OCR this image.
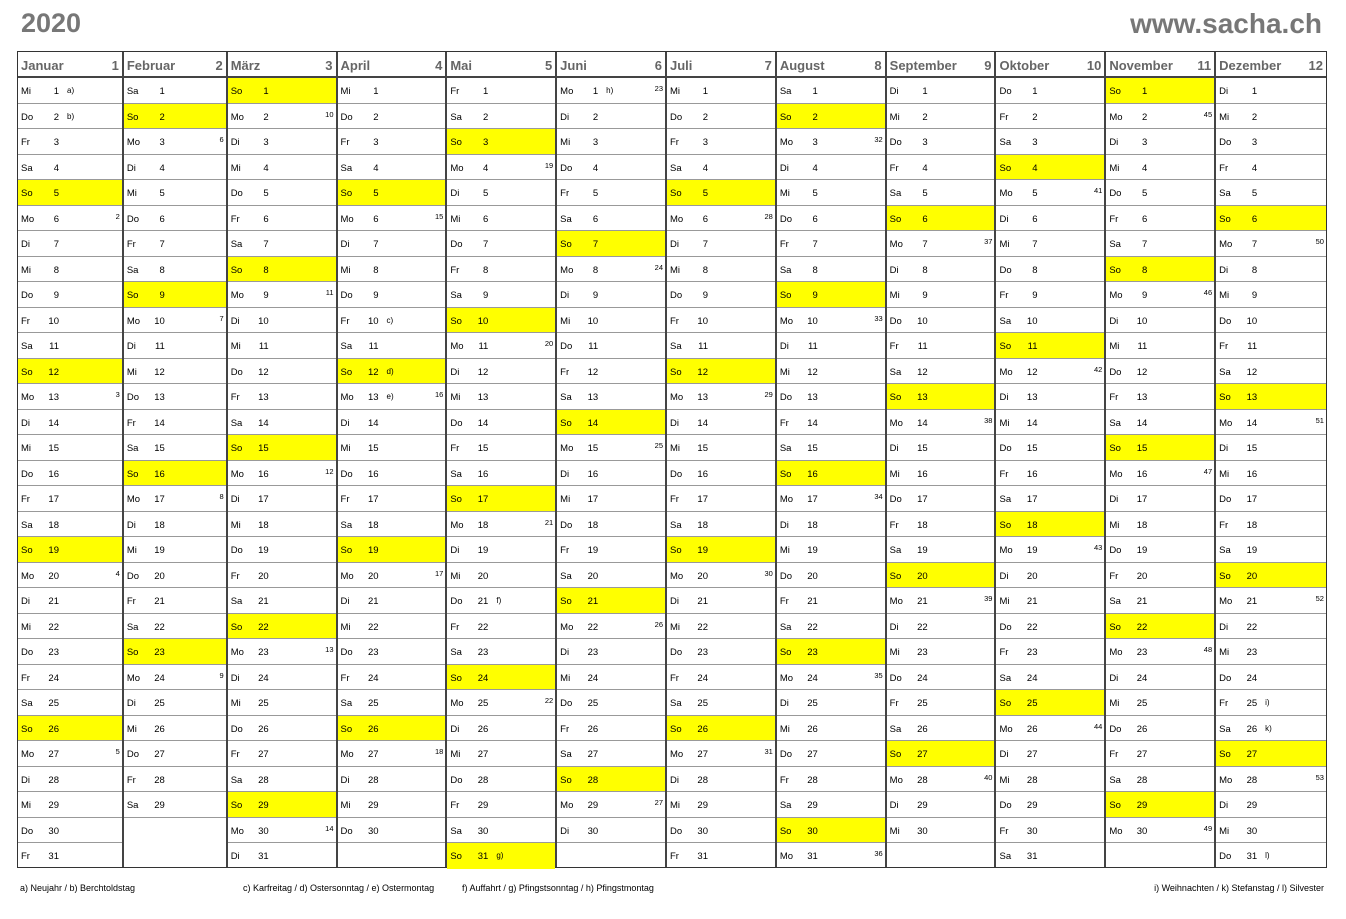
2020	www.sacha.ch
Januar	1
Mi	1 a)
Do	2 b)
Fr	3
Sa	4
So	5
Mo	6	2
Di	7
Mi	8
Do	9
Fr	10
Sa	11
So	12
Mo	13	3
Di	14
Mi	15
Do	16
Fr	17
Sa	18
So	19
Mo	20	4
Di	21
Mi	22
Do	23
Fr	24
Sa	25
So	26
Mo	27	5
Di	28
Mi	29
Do	30
Fr	31
Februar	2
Sa	1
So	2
Mo	3	6
Di	4
Mi	5
Do	6
Fr	7
Sa	8
So	9
Mo	10	7
Di	11
Mi	12
Do	13
Fr	14
Sa	15
So	16
Mo	17	8
Di	18
Mi	19
Do	20
Fr	21
Sa	22
So	23
Mo	24	9
Di	25
Mi	26
Do	27
Fr	28
Sa	29
März	3
So	1
Mo	2	10
Di	3
Mi	4
Do	5
Fr	6
Sa	7
So	8
Mo	9	11
Di	10
Mi	11
Do	12
Fr	13
Sa	14
So	15
Mo	16	12
Di	17
Mi	18
Do	19
Fr	20
Sa	21
So	22
Mo	23	13
Di	24
Mi	25
Do	26
Fr	27
Sa	28
So	29
Mo	30	14
Di	31
April	4
Mi	1
Do	2
Fr	3
Sa	4
So	5
Mo	6	15
Di	7
Mi	8
Do	9
Fr	10 c)
Sa	11
So	12 d)
Mo	13 e)	16
Di	14
Mi	15
Do	16
Fr	17
Sa	18
So	19
Mo	20	17
Di	21
Mi	22
Do	23
Fr	24
Sa	25
So	26
Mo	27	18
Di	28
Mi	29
Do	30
Mai	5
Fr	1
Sa	2
So	3
Mo	4	19
Di	5
Mi	6
Do	7
Fr	8
Sa	9
So	10
Mo	11	20
Di	12
Mi	13
Do	14
Fr	15
Sa	16
So	17
Mo	18	21
Di	19
Mi	20
Do	21 f)
Fr	22
Sa	23
So	24
Mo	25	22
Di	26
Mi	27
Do	28
Fr	29
Sa	30
So	31 g)
Juni	6
Mo	1 h)	23
Di	2
Mi	3
Do	4
Fr	5
Sa	6
So	7
Mo	8	24
Di	9
Mi	10
Do	11
Fr	12
Sa	13
So	14
Mo	15	25
Di	16
Mi	17
Do	18
Fr	19
Sa	20
So	21
Mo	22	26
Di	23
Mi	24
Do	25
Fr	26
Sa	27
So	28
Mo	29	27
Di	30
Juli	7
Mi	1
Do	2
Fr	3
Sa	4
So	5
Mo	6	28
Di	7
Mi	8
Do	9
Fr	10
Sa	11
So	12
Mo	13	29
Di	14
Mi	15
Do	16
Fr	17
Sa	18
So	19
Mo	20	30
Di	21
Mi	22
Do	23
Fr	24
Sa	25
So	26
Mo	27	31
Di	28
Mi	29
Do	30
Fr	31
August	8
Sa	1
So	2
Mo	3	32
Di	4
Mi	5
Do	6
Fr	7
Sa	8
So	9
Mo	10	33
Di	11
Mi	12
Do	13
Fr	14
Sa	15
So	16
Mo	17	34
Di	18
Mi	19
Do	20
Fr	21
Sa	22
So	23
Mo	24	35
Di	25
Mi	26
Do	27
Fr	28
Sa	29
So	30
Mo	31	36
September 9
Di	1
Mi	2
Do	3
Fr	4
Sa	5
So	6
Mo	7	37
Di	8
Mi	9
Do	10
Fr	11
Sa	12
So	13
Mo	14	38
Di	15
Mi	16
Do	17
Fr	18
Sa	19
So	20
Mo	21	39
Di	22
Mi	23
Do	24
Fr	25
Sa	26
So	27
Mo	28	40
Di	29
Mi	30
Oktober	10
Do	1
Fr	2
Sa	3
So	4
Mo	5	41
Di	6
Mi	7
Do	8
Fr	9
Sa	10
So	11
Mo	12	42
Di	13
Mi	14
Do	15
Fr	16
Sa	17
So	18
Mo	19	43
Di	20
Mi	21
Do	22
Fr	23
Sa	24
So	25
Mo	26	44
Di	27
Mi	28
Do	29
Fr	30
Sa	31
November 11
So	1
Mo	2	45
Di	3
Mi	4
Do	5
Fr	6
Sa	7
So	8
Mo	9	46
Di	10
Mi	11
Do	12
Fr	13
Sa	14
So	15
Mo	16	47
Di	17
Mi	18
Do	19
Fr	20
Sa	21
So	22
Mo	23	48
Di	24
Mi	25
Do	26
Fr	27
Sa	28
So	29
Mo	30	49
Dezember 12
Di	1
Mi	2
Do	3
Fr	4
Sa	5
So	6
Mo	7	50
Di	8
Mi	9
Do	10
Fr	11
Sa	12
So	13
Mo	14	51
Di	15
Mi	16
Do	17
Fr	18
Sa	19
So	20
Mo	21	52
Di	22
Mi	23
Do	24
Fr	25 i)
Sa	26 k)
So	27
Mo	28	53
Di	29
Mi	30
Do	31 l)
a) Neujahr / b) Berchtoldstag	c) Karfreitag / d) Ostersonntag / e) Ostermontag	f) Auffahrt / g) Pfingstsonntag / h) Pfingstmontag	i) Weihnachten / k) Stefanstag / l) Silvester
